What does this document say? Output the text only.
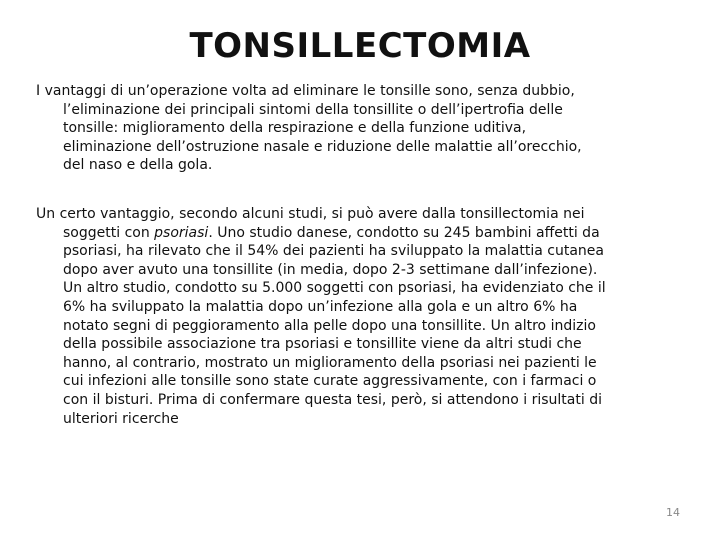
TONSILLECTOMIA

I vantaggi di un’operazione volta ad eliminare le tonsille sono, senza dubbio,
l’eliminazione dei principali sintomi della tonsillite o dell’ipertrofia delle
tonsille: miglioramento della respirazione e della funzione uditiva,
eliminazione dell’ostruzione nasale e riduzione delle malattie all’orecchio,
del naso e della gola.

Un certo vantaggio, secondo alcuni studi, si può avere dalla tonsillectomia nei
soggetti con psoriasi. Uno studio danese, condotto su 245 bambini affetti da
psoriasi, ha rilevato che il 54% dei pazienti ha sviluppato la malattia cutanea
dopo aver avuto una tonsillite (in media, dopo 2-3 settimane dall’infezione).
Un altro studio, condotto su 5.000 soggetti con psoriasi, ha evidenziato che il
6% ha sviluppato la malattia dopo un’infezione alla gola e un altro 6% ha
notato segni di peggioramento alla pelle dopo una tonsillite. Un altro indizio
della possibile associazione tra psoriasi e tonsillite viene da altri studi che
hanno, al contrario, mostrato un miglioramento della psoriasi nei pazienti le
cui infezioni alle tonsille sono state curate aggressivamente, con i farmaci o
con il bisturi. Prima di confermare questa tesi, però, si attendono i risultati di
ulteriori ricerche

14
